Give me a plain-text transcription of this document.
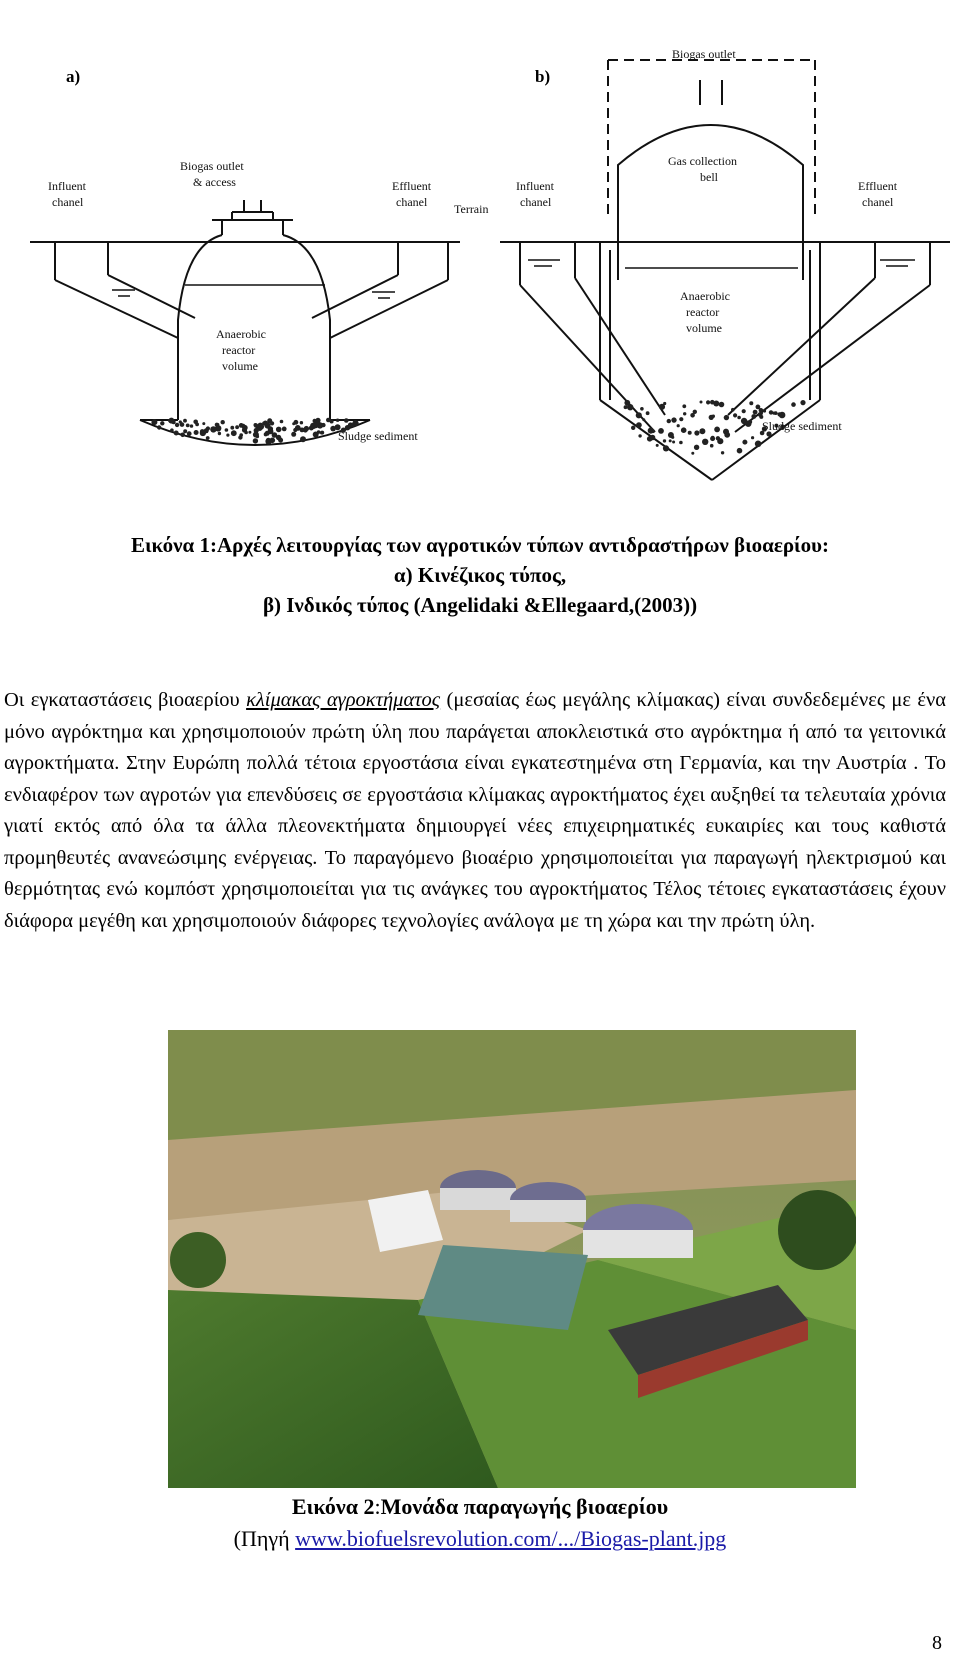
a)	b)
Biogas outlet
& access
Influent
chanel
Effluent
chanel Terrain
Anaerobic
reactor
volume
Sludge sediment
Biogas outlet
Gas collection
bell
Influent
chanel
Effluent
chanel
Anaerobic
reactor
volume
Sludge sediment
Εικόνα 1:Αρχές λειτουργίας των αγροτικών τύπων αντιδραστήρων βιοαερίου:
α) Κινέζικος τύπος,
β) Ινδικός τύπος (Angelidaki &Ellegaard,(2003))

Οι εγκαταστάσεις βιοαερίου κλίμακας αγροκτήματος (μεσαίας έως μεγάλης κλίμακας) είναι συνδεδεμένες με ένα μόνο αγρόκτημα και χρησιμοποιούν πρώτη ύλη που παράγεται αποκλειστικά στο αγρόκτημα ή από τα γειτονικά αγροκτήματα. Στην Ευρώπη πολλά τέτοια εργοστάσια είναι εγκατεστημένα στη Γερμανία, και την Αυστρία . Το ενδιαφέρον των αγροτών για επενδύσεις σε εργοστάσια κλίμακας αγροκτήματος έχει αυξηθεί τα τελευταία χρόνια γιατί εκτός από όλα τα άλλα πλεονεκτήματα δημιουργεί νέες επιχειρηματικές ευκαιρίες και τους καθιστά προμηθευτές ανανεώσιμης ενέργειας. Το παραγόμενο βιοαέριο χρησιμοποιείται για παραγωγή ηλεκτρισμού και θερμότητας ενώ κομπόστ χρησιμοποιείται για τις ανάγκες του αγροκτήματος Τέλος τέτοιες εγκαταστάσεις έχουν διάφορα μεγέθη και χρησιμοποιούν διάφορες τεχνολογίες ανάλογα με τη χώρα και την πρώτη ύλη.

Εικόνα 2:Μονάδα παραγωγής βιοαερίου
(Πηγή www.biofuelsrevolution.com/.../Biogas-plant.jpg
8
